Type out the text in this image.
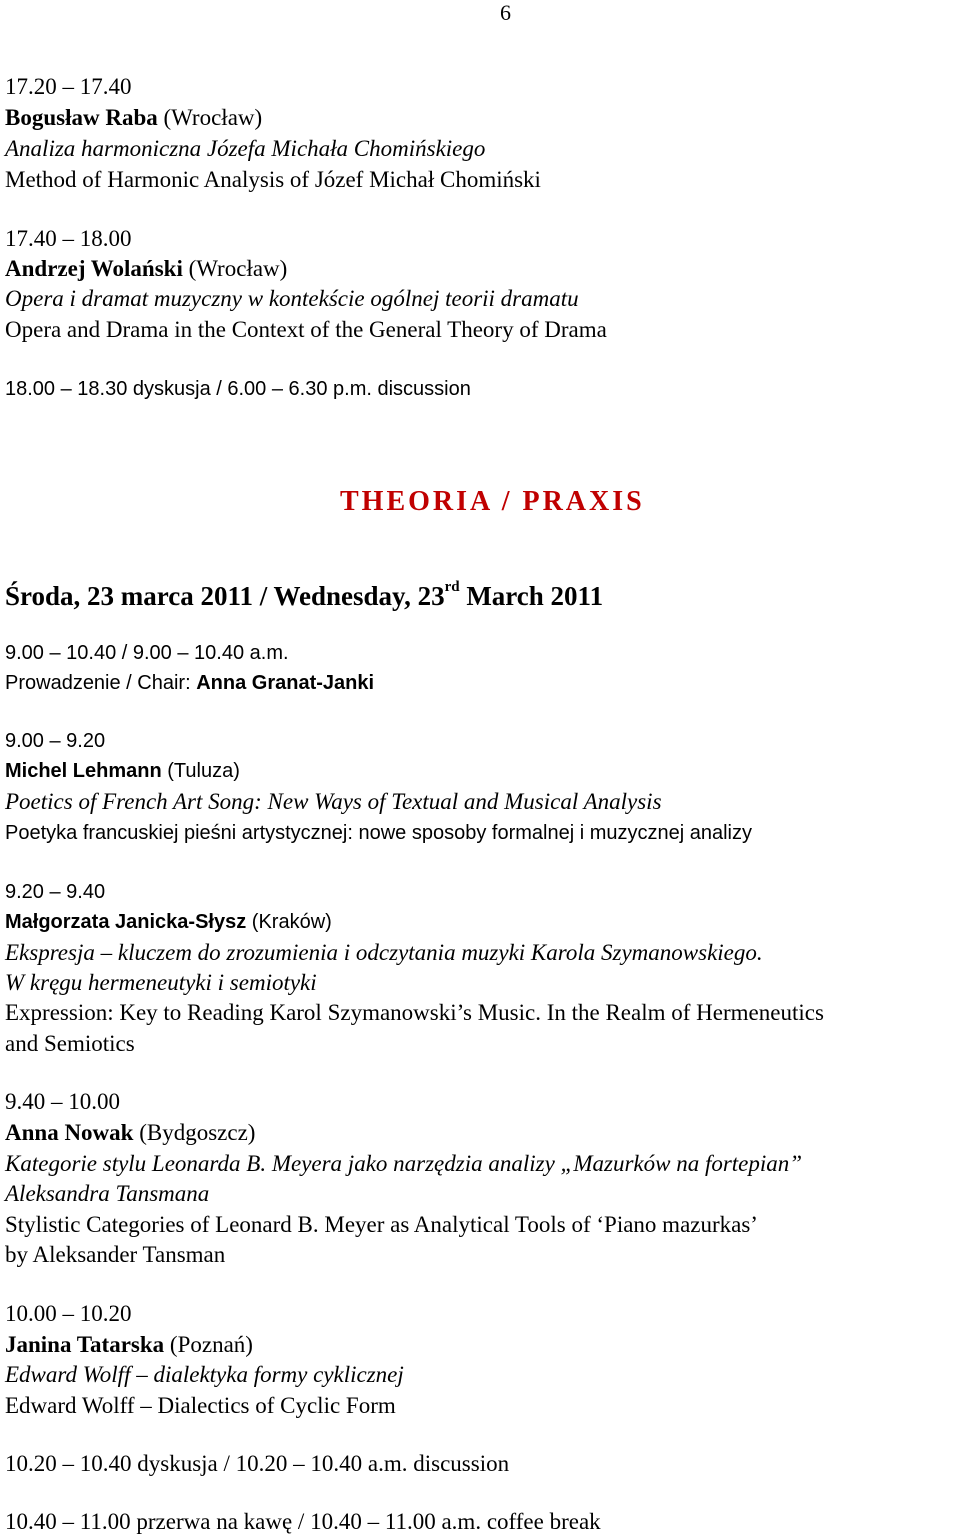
6
17.20 – 17.40
Bogusław Raba (Wrocław)
Analiza harmoniczna Józefa Michała Chomińskiego
Method of Harmonic Analysis of Józef Michał Chomiński
17.40 – 18.00
Andrzej Wolański (Wrocław)
Opera i dramat muzyczny w kontekście ogólnej teorii dramatu
Opera and Drama in the Context of the General Theory of Drama
18.00 – 18.30 dyskusja / 6.00 – 6.30 p.m. discussion
THEORIA / PRAXIS
Środa, 23 marca 2011 / Wednesday, 23rd March 2011
9.00 – 10.40 / 9.00 – 10.40 a.m.
Prowadzenie / Chair: Anna Granat-Janki
9.00 – 9.20
Michel Lehmann (Tuluza)
Poetics of French Art Song: New Ways of Textual and Musical Analysis
Poetyka francuskiej pieśni artystycznej: nowe sposoby formalnej i muzycznej analizy
9.20 – 9.40
Małgorzata Janicka-Słysz (Kraków)
Ekspresja – kluczem do zrozumienia i odczytania muzyki Karola Szymanowskiego.
W kręgu hermeneutyki i semiotyki
Expression: Key to Reading Karol Szymanowski’s Music. In the Realm of Hermeneutics
and Semiotics
9.40 – 10.00
Anna Nowak (Bydgoszcz)
Kategorie stylu Leonarda B. Meyera jako narzędzia analizy „Mazurków na fortepian”
Aleksandra Tansmana
Stylistic Categories of Leonard B. Meyer as Analytical Tools of ‘Piano mazurkas’
by Aleksander Tansman
10.00 – 10.20
Janina Tatarska (Poznań)
Edward Wolff – dialektyka formy cyklicznej
Edward Wolff – Dialectics of Cyclic Form
10.20 – 10.40 dyskusja / 10.20 – 10.40 a.m. discussion
10.40 – 11.00 przerwa na kawę / 10.40 – 11.00 a.m. coffee break
